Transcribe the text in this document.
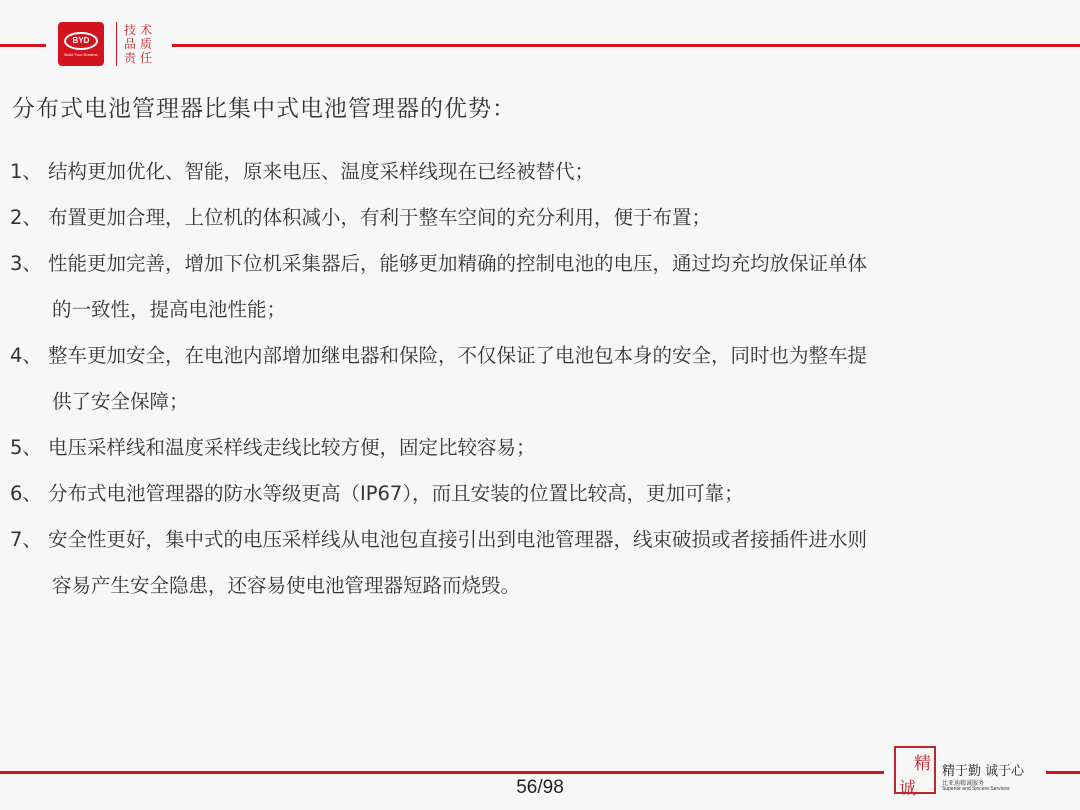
BYD
Build Your Dreams
技 术
品 质
责 任
分布式电池管理器比集中式电池管理器的优势：
1、 结构更加优化、智能，原来电压、温度采样线现在已经被替代；
2、 布置更加合理，上位机的体积减小，有利于整车空间的充分利用，便于布置；
3、 性能更加完善，增加下位机采集器后，能够更加精确的控制电池的电压，通过均充均放保证单体
的一致性，提高电池性能；
4、 整车更加安全，在电池内部增加继电器和保险，不仅保证了电池包本身的安全，同时也为整车提
供了安全保障；
5、 电压采样线和温度采样线走线比较方便，固定比较容易；
6、 分布式电池管理器的防水等级更高（IP67），而且安装的位置比较高，更加可靠；
7、 安全性更好，集中式的电压采样线从电池包直接引出到电池管理器，线束破损或者接插件进水则
容易产生安全隐患，还容易使电池管理器短路而烧毁。
56/98
精
诚
精于勤 诚于心
比亚迪精诚服务
Superior and Sincere Services
